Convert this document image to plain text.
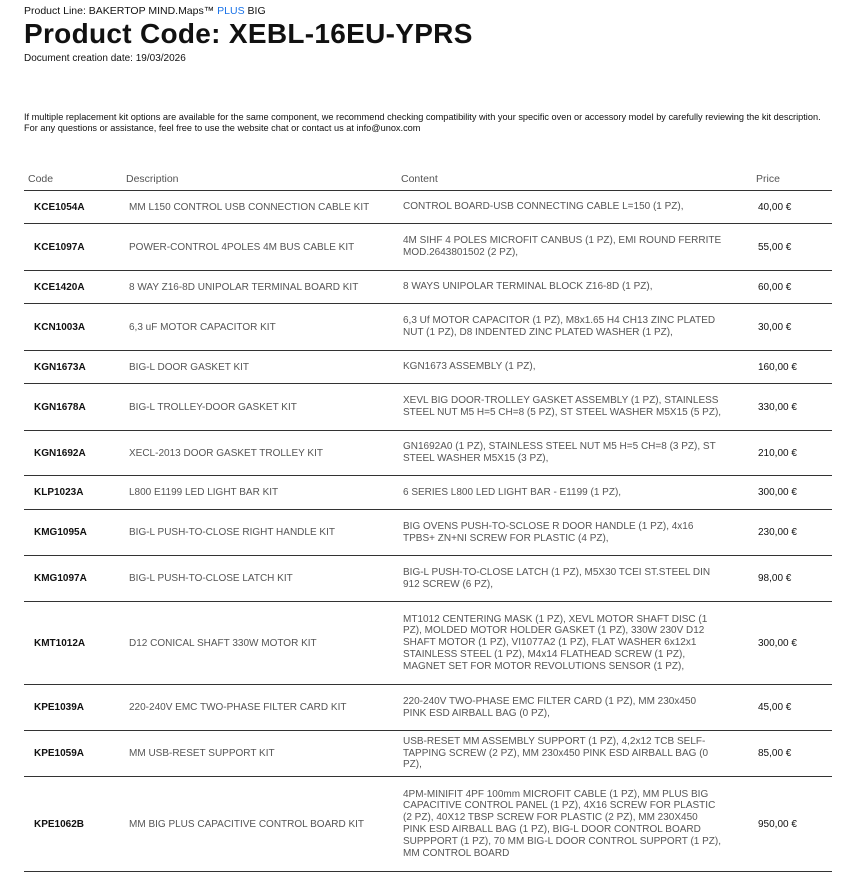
Product Line: BAKERTOP MIND.Maps™ PLUS BIG
Product Code: XEBL-16EU-YPRS
Document creation date: 19/03/2026
If multiple replacement kit options are available for the same component, we recommend checking compatibility with your specific oven or accessory model by carefully reviewing the kit description.
For any questions or assistance, feel free to use the website chat or contact us at info@unox.com
Code	Description	Content	Price
KCE1054A	MM L150 CONTROL USB CONNECTION CABLE KIT	CONTROL BOARD-USB CONNECTING CABLE L=150 (1 PZ),	40,00 €
KCE1097A	POWER-CONTROL 4POLES 4M BUS CABLE KIT	4M SIHF 4 POLES MICROFIT CANBUS (1 PZ), EMI ROUND FERRITE MOD.2643801502 (2 PZ),	55,00 €
KCE1420A	8 WAY Z16-8D UNIPOLAR TERMINAL BOARD KIT	8 WAYS UNIPOLAR TERMINAL BLOCK Z16-8D (1 PZ),	60,00 €
KCN1003A	6,3 uF MOTOR CAPACITOR KIT	6,3 Uf MOTOR CAPACITOR (1 PZ), M8x1.65 H4 CH13 ZINC PLATED NUT (1 PZ), D8 INDENTED ZINC PLATED WASHER (1 PZ),	30,00 €
KGN1673A	BIG-L DOOR GASKET KIT	KGN1673 ASSEMBLY (1 PZ),	160,00 €
KGN1678A	BIG-L TROLLEY-DOOR GASKET KIT	XEVL BIG DOOR-TROLLEY GASKET ASSEMBLY (1 PZ), STAINLESS STEEL NUT M5 H=5 CH=8 (5 PZ), ST STEEL WASHER M5X15 (5 PZ),	330,00 €
KGN1692A	XECL-2013 DOOR GASKET TROLLEY KIT	GN1692A0 (1 PZ), STAINLESS STEEL NUT M5 H=5 CH=8 (3 PZ), ST STEEL WASHER M5X15 (3 PZ),	210,00 €
KLP1023A	L800 E1199 LED LIGHT BAR KIT	6 SERIES L800 LED LIGHT BAR - E1199 (1 PZ),	300,00 €
KMG1095A	BIG-L PUSH-TO-CLOSE RIGHT HANDLE KIT	BIG OVENS PUSH-TO-SCLOSE R DOOR HANDLE (1 PZ), 4x16 TPBS+ ZN+NI SCREW FOR PLASTIC (4 PZ),	230,00 €
KMG1097A	BIG-L PUSH-TO-CLOSE LATCH KIT	BIG-L PUSH-TO-CLOSE LATCH (1 PZ), M5X30 TCEI ST.STEEL DIN 912 SCREW (6 PZ),	98,00 €
KMT1012A	D12 CONICAL SHAFT 330W MOTOR KIT	MT1012 CENTERING MASK (1 PZ), XEVL MOTOR SHAFT DISC (1 PZ), MOLDED MOTOR HOLDER GASKET (1 PZ), 330W 230V D12 SHAFT MOTOR (1 PZ), VI1077A2 (1 PZ), FLAT WASHER 6x12x1 STAINLESS STEEL (1 PZ), M4x14 FLATHEAD SCREW (1 PZ), MAGNET SET FOR MOTOR REVOLUTIONS SENSOR (1 PZ),	300,00 €
KPE1039A	220-240V EMC TWO-PHASE FILTER CARD KIT	220-240V TWO-PHASE EMC FILTER CARD (1 PZ), MM 230x450 PINK ESD AIRBALL BAG (0 PZ),	45,00 €
KPE1059A	MM USB-RESET SUPPORT KIT	USB-RESET MM ASSEMBLY SUPPORT (1 PZ), 4,2x12 TCB SELF-TAPPING SCREW (2 PZ), MM 230x450 PINK ESD AIRBALL BAG (0 PZ),	85,00 €
KPE1062B	MM BIG PLUS CAPACITIVE CONTROL BOARD KIT	4PM-MINIFIT 4PF 100mm MICROFIT CABLE (1 PZ), MM PLUS BIG CAPACITIVE CONTROL PANEL (1 PZ), 4X16 SCREW FOR PLASTIC (2 PZ), 40X12 TBSP SCREW FOR PLASTIC (2 PZ), MM 230X450 PINK ESD AIRBALL BAG (1 PZ), BIG-L DOOR CONTROL BOARD SUPPPORT (1 PZ), 70 MM BIG-L DOOR CONTROL SUPPORT (1 PZ), MM CONTROL BOARD	950,00 €
